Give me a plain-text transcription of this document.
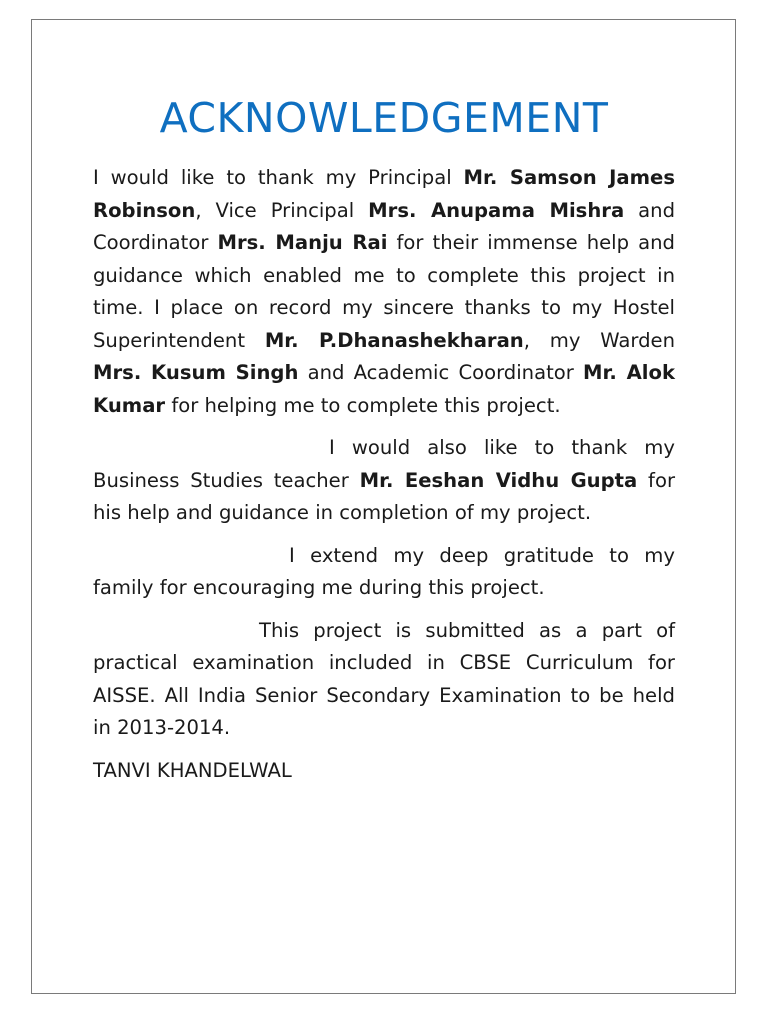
ACKNOWLEDGEMENT

I would like to thank my Principal Mr. Samson James Robinson, Vice Principal Mrs. Anupama Mishra and Coordinator Mrs. Manju Rai for their immense help and guidance which enabled me to complete this project in time. I place on record my sincere thanks to my Hostel Superintendent Mr. P.Dhanashekharan, my Warden Mrs. Kusum Singh and Academic Coordinator Mr. Alok Kumar for helping me to complete this project.

I would also like to thank my Business Studies teacher Mr. Eeshan Vidhu Gupta for his help and guidance in completion of my project.

I extend my deep gratitude to my family for encouraging me during this project.

This project is submitted as a part of practical examination included in CBSE Curriculum for AISSE. All India Senior Secondary Examination to be held in 2013-2014.

TANVI KHANDELWAL
